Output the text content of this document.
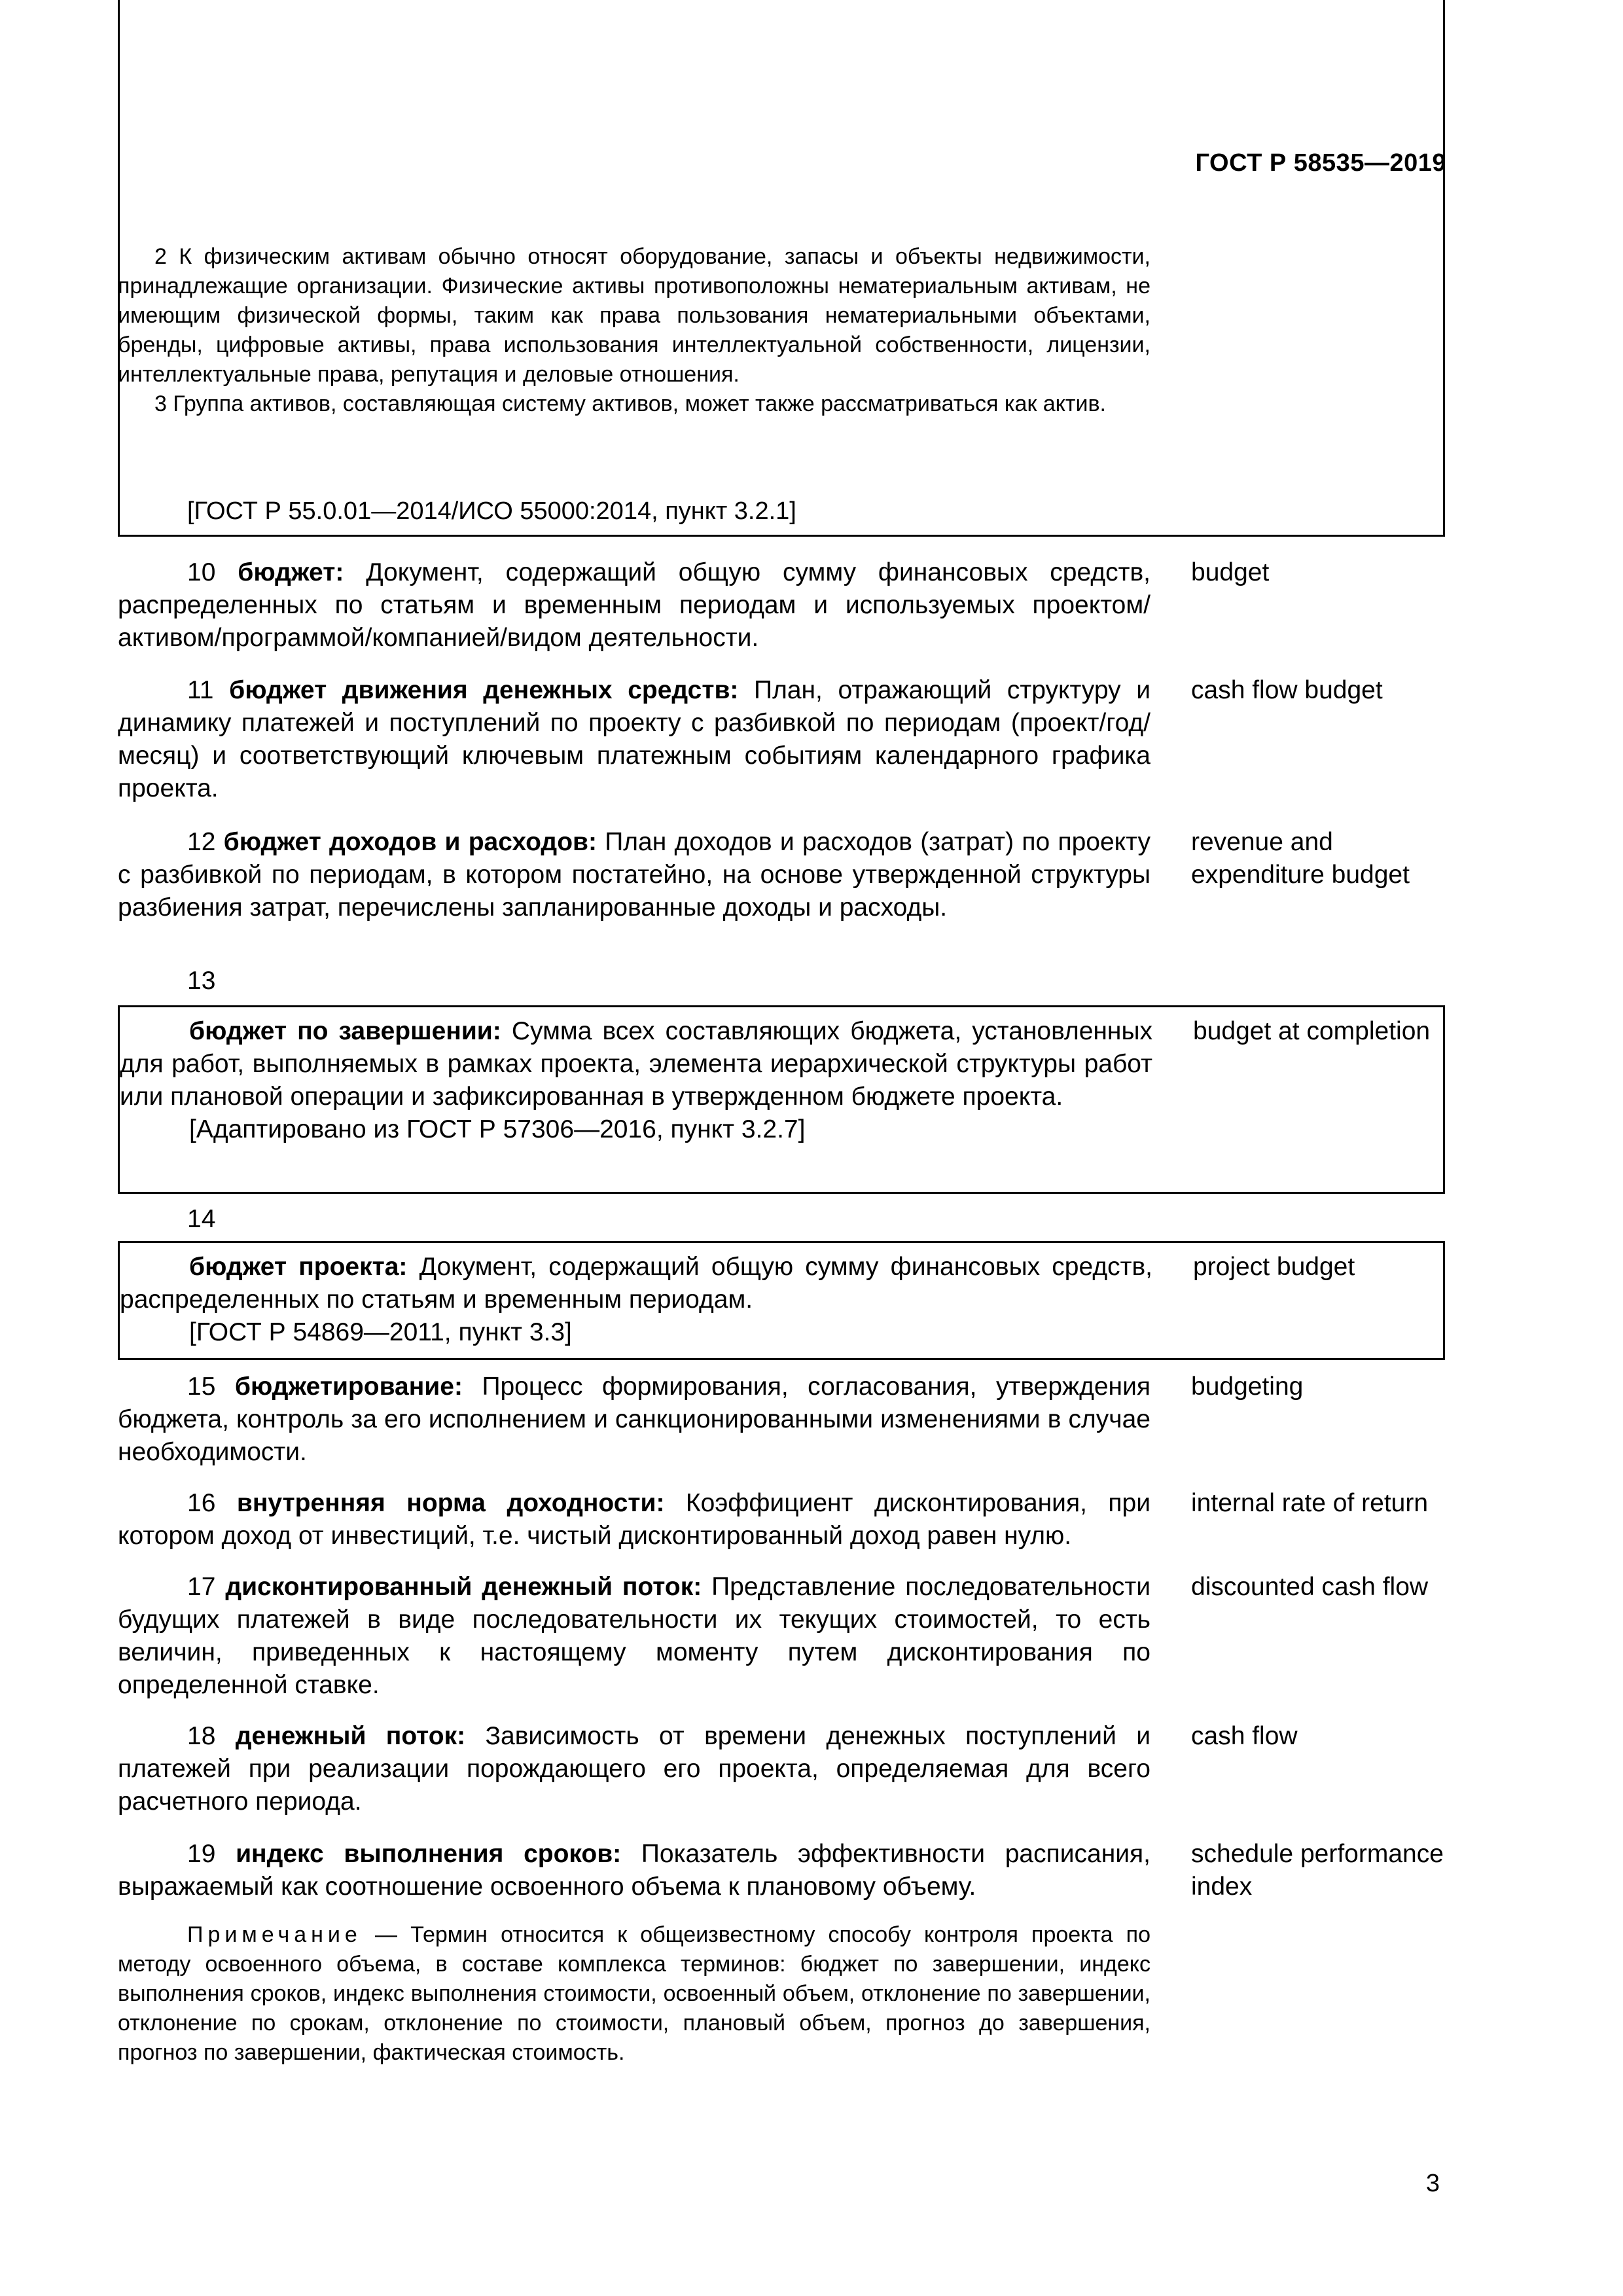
ГОСТ Р 58535—2019

2 К физическим активам обычно относят оборудование, запасы и объекты недвижимости, принадлежащие организации. Физические активы противоположны нематериальным активам, не имеющим физической формы, таким как права пользования нематериальными объектами, бренды, цифровые активы, права использования интеллектуальной собственности, лицензии, интеллектуальные права, репутация и деловые отношения.

3 Группа активов, составляющая систему активов, может также рассматриваться как актив.

[ГОСТ Р 55.0.01—2014/ИСО 55000:2014, пункт 3.2.1]

10 бюджет: Документ, содержащий общую сумму финансовых средств, распределенных по статьям и временным периодам и используемых проектом/активом/программой/компанией/видом деятельности.

budget

11 бюджет движения денежных средств: План, отражающий структуру и динамику платежей и поступлений по проекту с разбивкой по периодам (проект/год/месяц) и соответствующий ключевым платежным событиям календарного графика проекта.

cash flow budget

12 бюджет доходов и расходов: План доходов и расходов (затрат) по проекту с разбивкой по периодам, в котором постатейно, на основе утвержденной структуры разбиения затрат, перечислены запланированные доходы и расходы.

revenue and expenditure budget
13

бюджет по завершении: Сумма всех составляющих бюджета, установленных для работ, выполняемых в рамках проекта, элемента иерархической структуры работ или плановой операции и зафиксированная в утвержденном бюджете проекта.

[Адаптировано из ГОСТ Р 57306—2016, пункт 3.2.7]

budget at completion
14

бюджет проекта: Документ, содержащий общую сумму финансовых средств, распределенных по статьям и временным периодам.

[ГОСТ Р 54869—2011, пункт 3.3]

project budget

15 бюджетирование: Процесс формирования, согласования, утверждения бюджета, контроль за его исполнением и санкционированными изменениями в случае необходимости.

budgeting

16 внутренняя норма доходности: Коэффициент дисконтирования, при котором доход от инвестиций, т.е. чистый дисконтированный доход равен нулю.

internal rate of return

17 дисконтированный денежный поток: Представление последовательности будущих платежей в виде последовательности их текущих стоимостей, то есть величин, приведенных к настоящему моменту путем дисконтирования по определенной ставке.

discounted cash flow

18 денежный поток: Зависимость от времени денежных поступлений и платежей при реализации порождающего его проекта, определяемая для всего расчетного периода.

cash flow

19 индекс выполнения сроков: Показатель эффективности расписания, выражаемый как соотношение освоенного объема к плановому объему.

schedule performance index

Примечание — Термин относится к общеизвестному способу контроля проекта по методу освоенного объема, в составе комплекса терминов: бюджет по завершении, индекс выполнения сроков, индекс выполнения стоимости, освоенный объем, отклонение по завершении, отклонение по срокам, отклонение по стоимости, плановый объем, прогноз до завершения, прогноз по завершении, фактическая стоимость.

3
